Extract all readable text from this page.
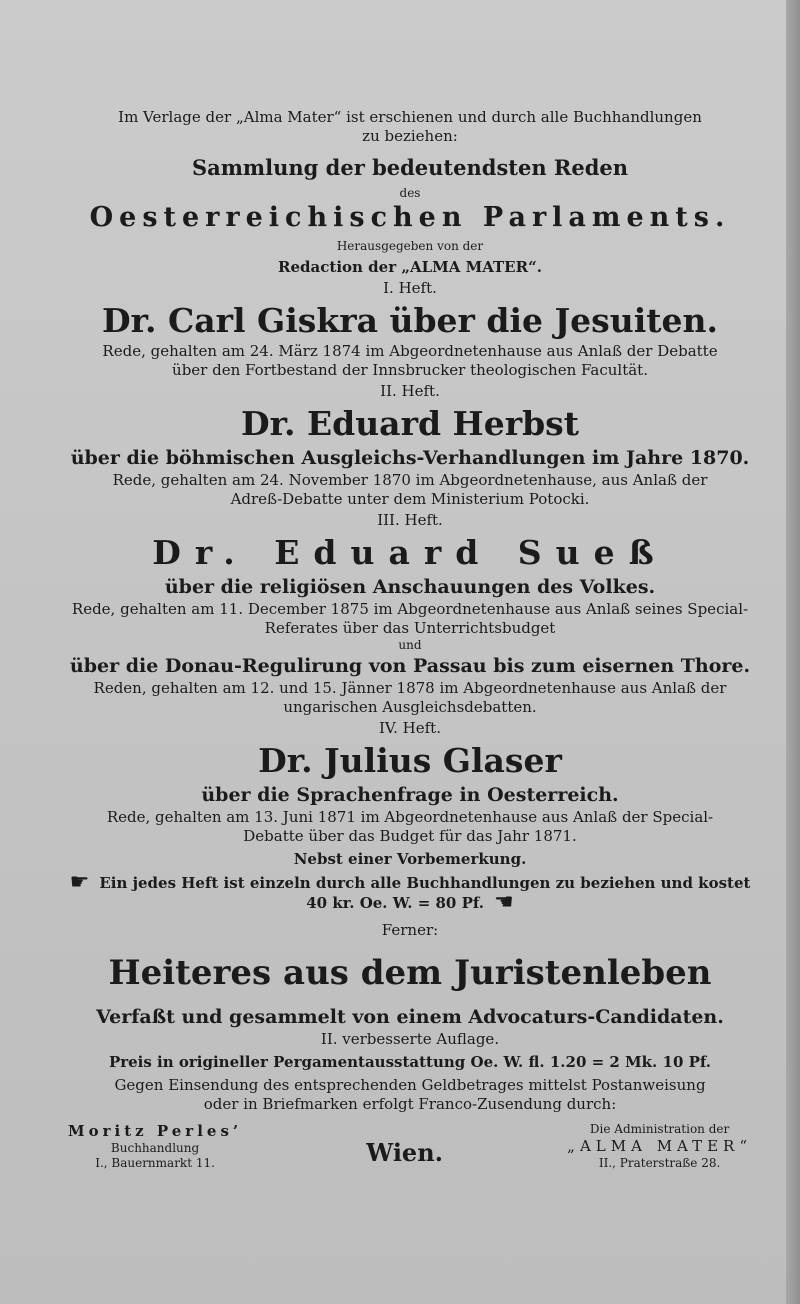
Im Verlage der „Alma Mater“ ist erschienen und durch alle Buchhandlungen
zu beziehen:
Sammlung der bedeutendsten Reden
des
Oesterreichischen Parlaments.
Herausgegeben von der
Redaction der „ALMA MATER“.
I. Heft.
Dr. Carl Giskra über die Jesuiten.
Rede, gehalten am 24. März 1874 im Abgeordnetenhause aus Anlaß der Debatte
über den Fortbestand der Innsbrucker theologischen Facultät.
II. Heft.
Dr. Eduard Herbst
über die böhmischen Ausgleichs-Verhandlungen im Jahre 1870.
Rede, gehalten am 24. November 1870 im Abgeordnetenhause, aus Anlaß der
Adreß-Debatte unter dem Ministerium Potocki.
III. Heft.
Dr. Eduard Sueß
über die religiösen Anschauungen des Volkes.
Rede, gehalten am 11. December 1875 im Abgeordnetenhause aus Anlaß seines Special-
Referates über das Unterrichtsbudget
und
über die Donau-Regulirung von Passau bis zum eisernen Thore.
Reden, gehalten am 12. und 15. Jänner 1878 im Abgeordnetenhause aus Anlaß der
ungarischen Ausgleichsdebatten.
IV. Heft.
Dr. Julius Glaser
über die Sprachenfrage in Oesterreich.
Rede, gehalten am 13. Juni 1871 im Abgeordnetenhause aus Anlaß der Special-
Debatte über das Budget für das Jahr 1871.
Nebst einer Vorbemerkung.
☛ Ein jedes Heft ist einzeln durch alle Buchhandlungen zu beziehen und kostet
40 kr. Oe. W. = 80 Pf. ☚
Ferner:
Heiteres aus dem Juristenleben
Verfaßt und gesammelt von einem Advocaturs-Candidaten.
II. verbesserte Auflage.
Preis in origineller Pergamentausstattung Oe. W. fl. 1.20 = 2 Mk. 10 Pf.
Gegen Einsendung des entsprechenden Geldbetrages mittelst Postanweisung
oder in Briefmarken erfolgt Franco-Zusendung durch:
Moritz Perles’
Buchhandlung
I., Bauernmarkt 11.	Wien.
Die Administration der
„ALMA MATER“
II., Praterstraße 28.
